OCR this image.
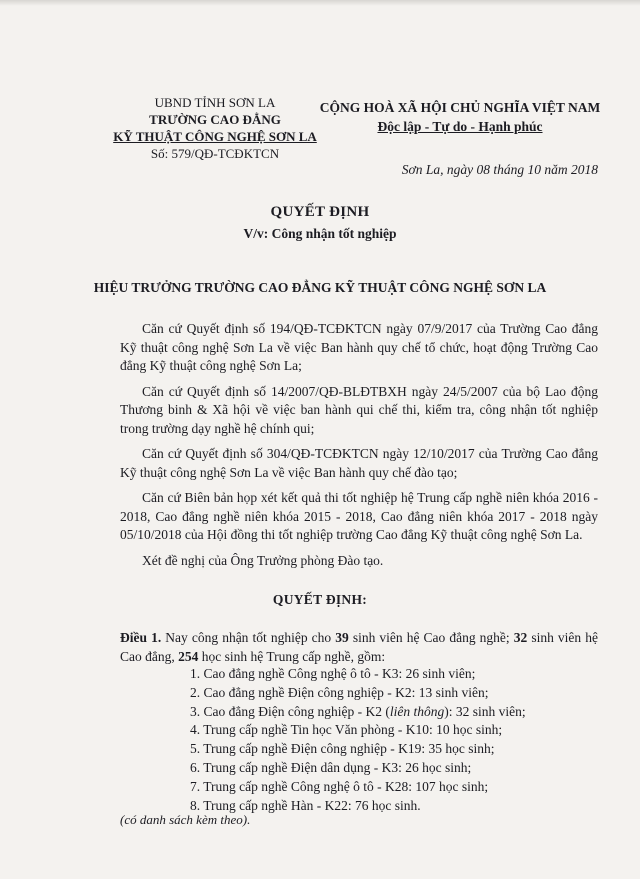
UBND TỈNH SƠN LA
TRƯỜNG CAO ĐẲNG
KỸ THUẬT CÔNG NGHỆ SƠN LA
Số: 579/QĐ-TCĐKTCN
CỘNG HOÀ XÃ HỘI CHỦ NGHĨA VIỆT NAM
Độc lập - Tự do - Hạnh phúc
Sơn La, ngày 08 tháng 10 năm 2018
QUYẾT ĐỊNH
V/v: Công nhận tốt nghiệp
HIỆU TRƯỞNG TRƯỜNG CAO ĐẲNG KỸ THUẬT CÔNG NGHỆ SƠN LA

Căn cứ Quyết định số 194/QĐ-TCĐKTCN ngày 07/9/2017 của Trường Cao đẳng Kỹ thuật công nghệ Sơn La về việc Ban hành quy chế tổ chức, hoạt động Trường Cao đẳng Kỹ thuật công nghệ Sơn La;

Căn cứ Quyết định số 14/2007/QĐ-BLĐTBXH ngày 24/5/2007 của bộ Lao động Thương binh & Xã hội về việc ban hành qui chế thi, kiểm tra, công nhận tốt nghiệp trong trường dạy nghề hệ chính qui;

Căn cứ Quyết định số 304/QĐ-TCĐKTCN ngày 12/10/2017 của Trường Cao đẳng Kỹ thuật công nghệ Sơn La về việc Ban hành quy chế đào tạo;

Căn cứ Biên bản họp xét kết quả thi tốt nghiệp hệ Trung cấp nghề niên khóa 2016 - 2018, Cao đẳng nghề niên khóa 2015 - 2018, Cao đẳng niên khóa 2017 - 2018 ngày 05/10/2018 của Hội đồng thi tốt nghiệp trường Cao đẳng Kỹ thuật công nghệ Sơn La.

Xét đề nghị của Ông Trưởng phòng Đào tạo.

QUYẾT ĐỊNH:
Điều 1. Nay công nhận tốt nghiệp cho 39 sinh viên hệ Cao đẳng nghề; 32 sinh viên hệ Cao đẳng, 254 học sinh hệ Trung cấp nghề, gồm:
1. Cao đẳng nghề Công nghệ ô tô - K3: 26 sinh viên;
2. Cao đẳng nghề Điện công nghiệp - K2: 13 sinh viên;
3. Cao đẳng Điện công nghiệp - K2 (liên thông): 32 sinh viên;
4. Trung cấp nghề Tin học Văn phòng - K10: 10 học sinh;
5. Trung cấp nghề Điện công nghiệp - K19: 35 học sinh;
6. Trung cấp nghề Điện dân dụng - K3: 26 học sinh;
7. Trung cấp nghề Công nghệ ô tô - K28: 107 học sinh;
8. Trung cấp nghề Hàn - K22: 76 học sinh.
(có danh sách kèm theo).
